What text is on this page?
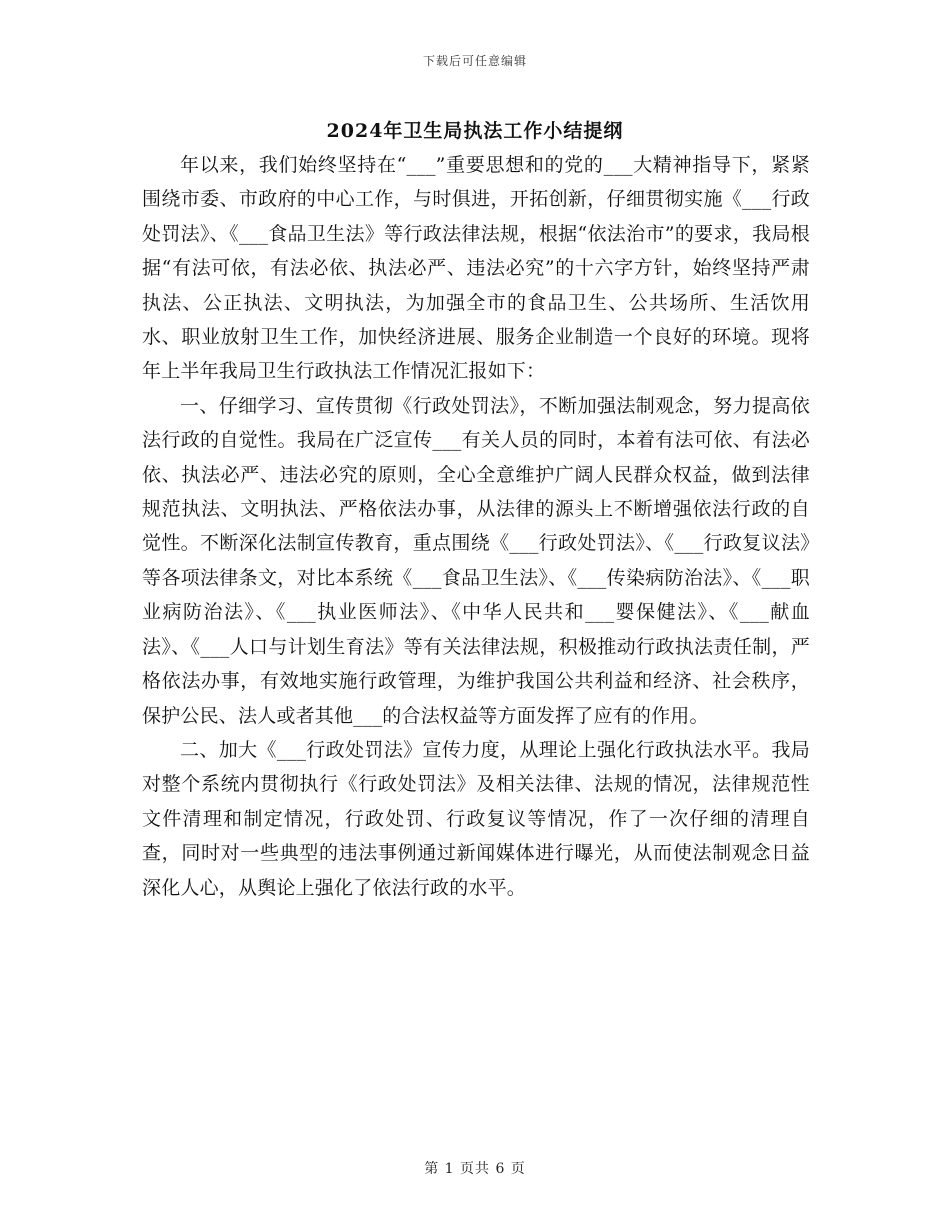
下载后可任意编辑
2024年卫生局执法工作小结提纲

年以来，我们始终坚持在“___”重要思想和的党的___大精神指导下，紧紧围绕市委、市政府的中心工作，与时俱进，开拓创新，仔细贯彻实施《___行政处罚法》、《___食品卫生法》等行政法律法规，根据“依法治市”的要求，我局根据“有法可依，有法必依、执法必严、违法必究”的十六字方针，始终坚持严肃执法、公正执法、文明执法，为加强全市的食品卫生、公共场所、生活饮用水、职业放射卫生工作，加快经济进展、服务企业制造一个良好的环境。现将年上半年我局卫生行政执法工作情况汇报如下：

一、仔细学习、宣传贯彻《行政处罚法》，不断加强法制观念，努力提高依法行政的自觉性。我局在广泛宣传___有关人员的同时，本着有法可依、有法必依、执法必严、违法必究的原则，全心全意维护广阔人民群众权益，做到法律规范执法、文明执法、严格依法办事，从法律的源头上不断增强依法行政的自觉性。不断深化法制宣传教育，重点围绕《___行政处罚法》、《___行政复议法》等各项法律条文，对比本系统《___食品卫生法》、《___传染病防治法》、《___职业病防治法》、《___执业医师法》、《中华人民共和___婴保健法》、《___献血法》、《___人口与计划生育法》等有关法律法规，积极推动行政执法责任制，严格依法办事，有效地实施行政管理，为维护我国公共利益和经济、社会秩序，保护公民、法人或者其他___的合法权益等方面发挥了应有的作用。

二、加大《___行政处罚法》宣传力度，从理论上强化行政执法水平。我局对整个系统内贯彻执行《行政处罚法》及相关法律、法规的情况，法律规范性文件清理和制定情况，行政处罚、行政复议等情况，作了一次仔细的清理自查，同时对一些典型的违法事例通过新闻媒体进行曝光，从而使法制观念日益深化人心，从舆论上强化了依法行政的水平。

第 1 页共 6 页
